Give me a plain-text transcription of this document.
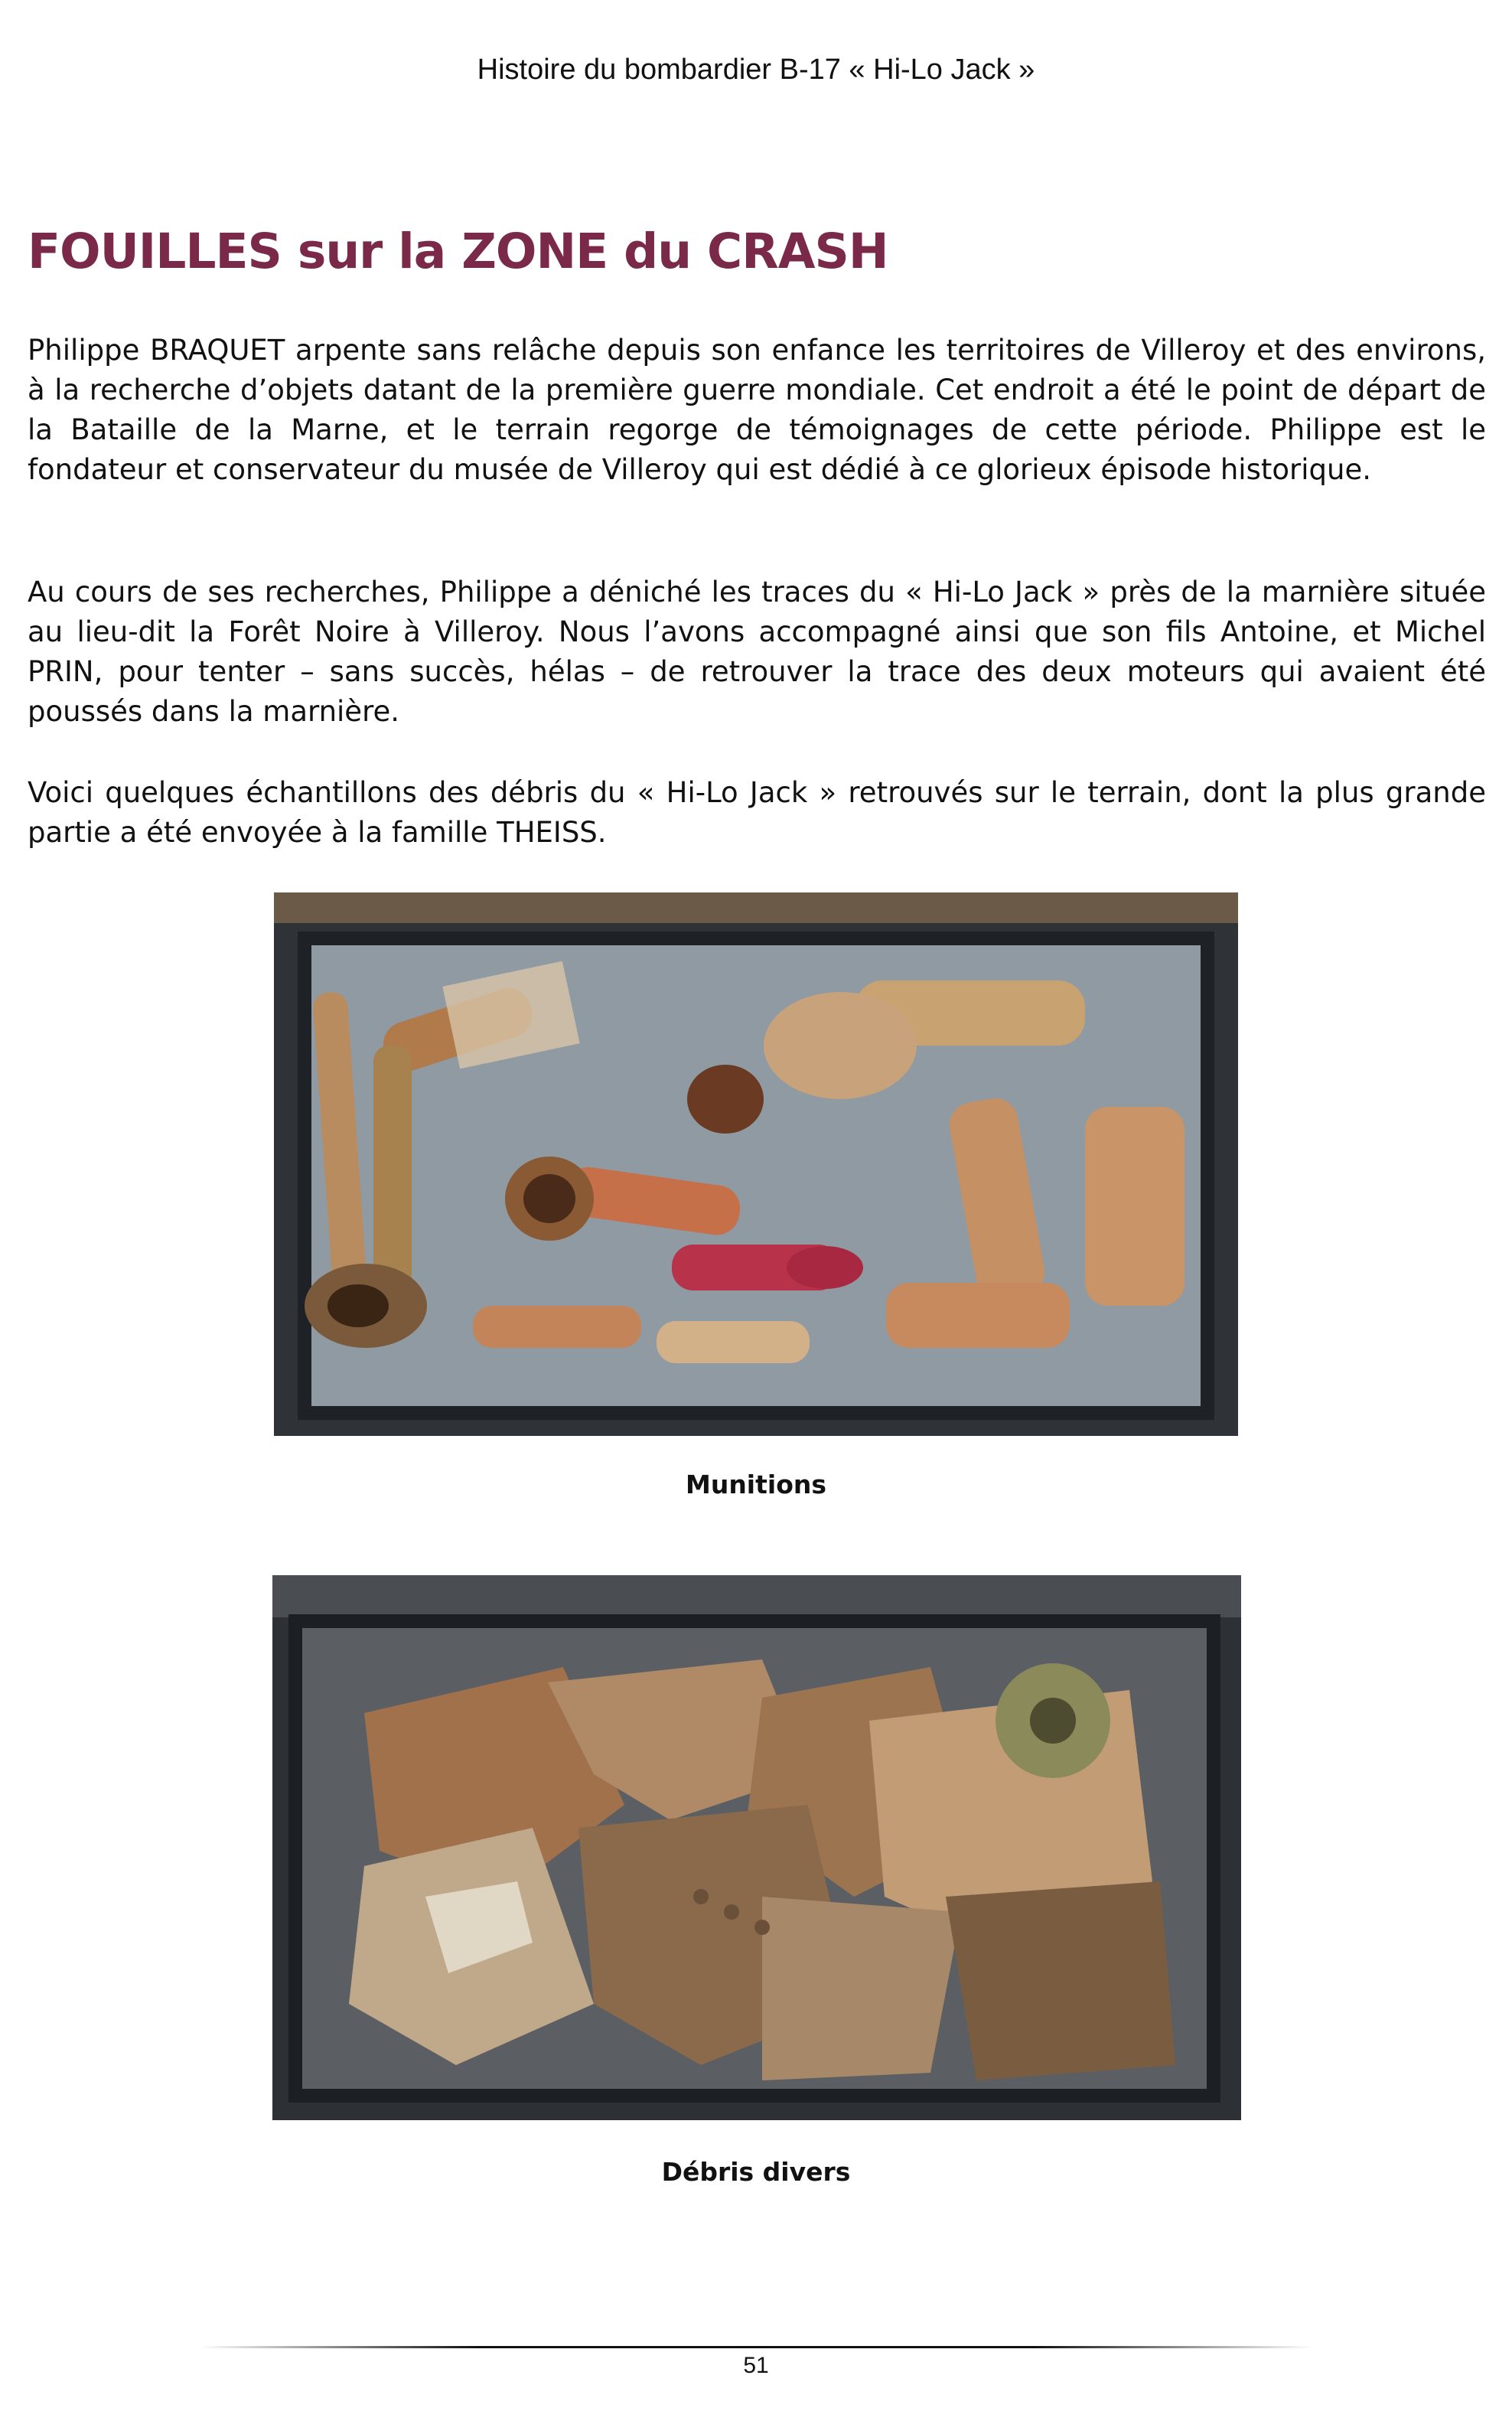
Histoire du bombardier B-17 « Hi-Lo Jack »
FOUILLES sur la ZONE du CRASH

Philippe BRAQUET arpente sans relâche depuis son enfance les territoires de Villeroy et des environs, à la recherche d’objets datant de la première guerre mondiale. Cet endroit a été le point de départ de la Bataille de la Marne, et le terrain regorge de témoignages de cette période. Philippe est le fondateur et conservateur du musée de Villeroy qui est dédié à ce glorieux épisode historique.

Au cours de ses recherches, Philippe a déniché les traces du « Hi-Lo Jack » près de la marnière située au lieu-dit la Forêt Noire à Villeroy. Nous l’avons accompagné ainsi que son fils Antoine, et Michel PRIN, pour tenter – sans succès, hélas – de retrouver la trace des deux moteurs qui avaient été poussés dans la marnière.

Voici quelques échantillons des débris du « Hi-Lo Jack » retrouvés sur le terrain, dont la plus grande partie a été envoyée à la famille THEISS.

Munitions
Débris divers
51
